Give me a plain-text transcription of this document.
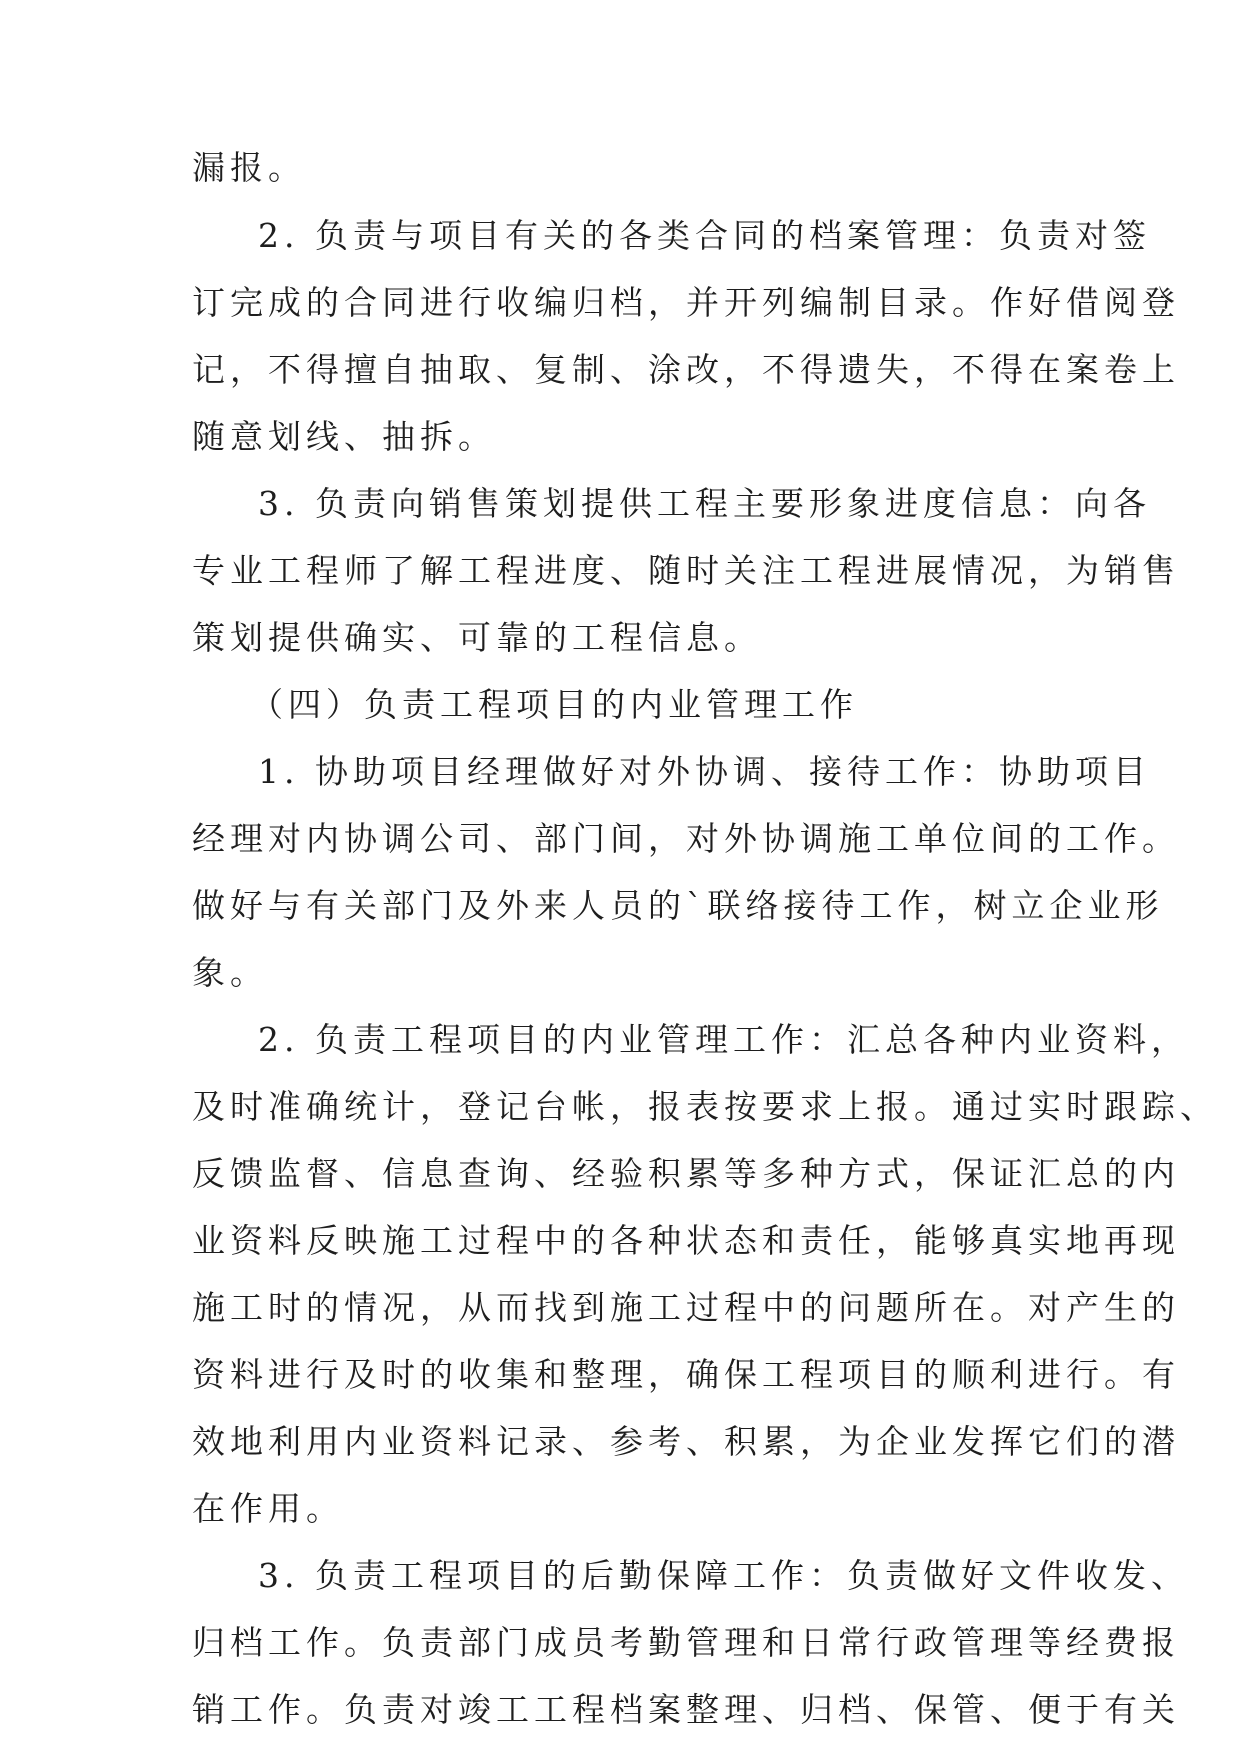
漏报。
2. 负责与项目有关的各类合同的档案管理：负责对签
订完成的合同进行收编归档，并开列编制目录。作好借阅登
记，不得擅自抽取、复制、涂改，不得遗失，不得在案卷上
随意划线、抽拆。
3. 负责向销售策划提供工程主要形象进度信息：向各
专业工程师了解工程进度、随时关注工程进展情况，为销售
策划提供确实、可靠的工程信息。
（四）负责工程项目的内业管理工作
1. 协助项目经理做好对外协调、接待工作：协助项目
经理对内协调公司、部门间，对外协调施工单位间的工作。
做好与有关部门及外来人员的`联络接待工作，树立企业形
象。
2. 负责工程项目的内业管理工作：汇总各种内业资料，
及时准确统计，登记台帐，报表按要求上报。通过实时跟踪、
反馈监督、信息查询、经验积累等多种方式，保证汇总的内
业资料反映施工过程中的各种状态和责任，能够真实地再现
施工时的情况，从而找到施工过程中的问题所在。对产生的
资料进行及时的收集和整理，确保工程项目的顺利进行。有
效地利用内业资料记录、参考、积累，为企业发挥它们的潜
在作用。
3. 负责工程项目的后勤保障工作：负责做好文件收发、
归档工作。负责部门成员考勤管理和日常行政管理等经费报
销工作。负责对竣工工程档案整理、归档、保管、便于有关
